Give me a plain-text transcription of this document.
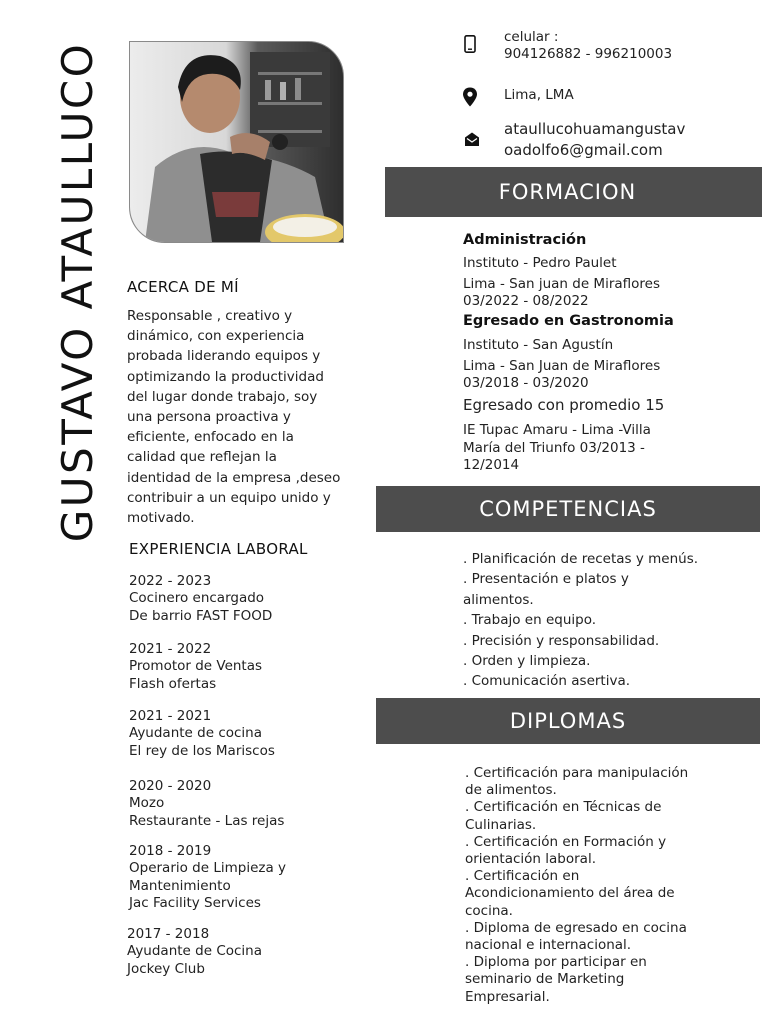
GUSTAVO ATAULLUCO
celular :
904126882 - 996210003
Lima, LMA
ataullucohuamangustav
oadolfo6@gmail.com
ACERCA DE MÍ
Responsable , creativo y
dinámico, con experiencia
probada liderando equipos y
optimizando la productividad
del lugar donde trabajo, soy
una persona proactiva y
eficiente, enfocado en la
calidad que reflejan la
identidad de la empresa ,deseo
contribuir a un equipo unido y
motivado.
EXPERIENCIA LABORAL
2022 - 2023
Cocinero encargado
De barrio FAST FOOD
2021 - 2022
Promotor de Ventas
Flash ofertas
2021 - 2021
Ayudante de cocina
El rey de los Mariscos
2020 - 2020
Mozo
Restaurante - Las rejas
2018 - 2019
Operario de Limpieza y
Mantenimiento
Jac Facility Services
2017 - 2018
Ayudante de Cocina
Jockey Club
FORMACION
Administración
Instituto - Pedro Paulet
Lima - San juan de Miraflores
03/2022 - 08/2022
Egresado en Gastronomia
Instituto - San Agustín
Lima - San Juan de Miraflores
03/2018 - 03/2020
Egresado con promedio 15
IE Tupac Amaru - Lima -Villa
María del Triunfo 03/2013 -
12/2014
COMPETENCIAS
. Planificación de recetas y menús.
. Presentación e platos y
alimentos.
. Trabajo en equipo.
. Precisión y responsabilidad.
. Orden y limpieza.
. Comunicación asertiva.
DIPLOMAS
. Certificación para manipulación
de alimentos.
. Certificación en Técnicas de
Culinarias.
. Certificación en Formación y
orientación laboral.
. Certificación en
Acondicionamiento del área de
cocina.
. Diploma de egresado en cocina
nacional e internacional.
. Diploma por participar en
seminario de Marketing
Empresarial.
